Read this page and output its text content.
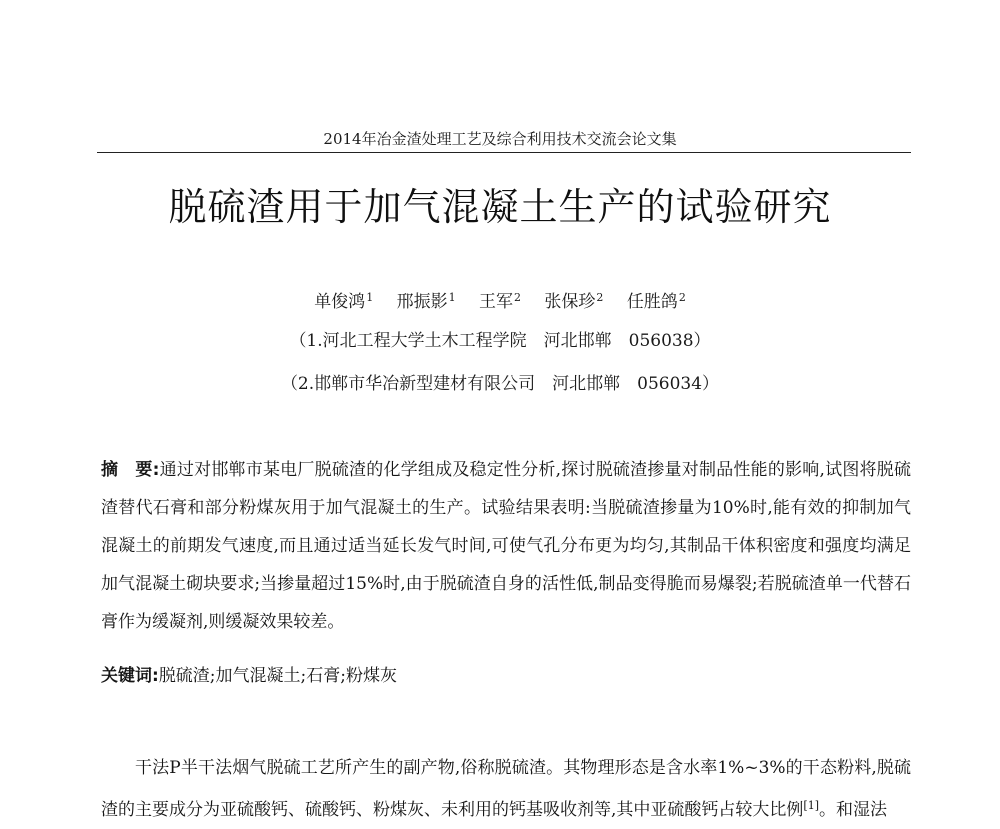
2014年冶金渣处理工艺及综合利用技术交流会论文集
脱硫渣用于加气混凝土生产的试验研究
单俊鸿$^1$ 邢振影$^1$ 王军$^2$ 张保珍$^2$ 任胜鸽$^2$
（1.河北工程大学土木工程学院　河北邯郸　056038）
（2.邯郸市华冶新型建材有限公司　河北邯郸　056034）

摘　要:通过对邯郸市某电厂脱硫渣的化学组成及稳定性分析,探讨脱硫渣掺量对制品性能的影响,试图将脱硫渣替代石膏和部分粉煤灰用于加气混凝土的生产。试验结果表明:当脱硫渣掺量为10%时,能有效的抑制加气混凝土的前期发气速度,而且通过适当延长发气时间,可使气孔分布更为均匀,其制品干体积密度和强度均满足加气混凝土砌块要求;当掺量超过15%时,由于脱硫渣自身的活性低,制品变得脆而易爆裂;若脱硫渣单一代替石膏作为缓凝剂,则缓凝效果较差。

关键词:脱硫渣;加气混凝土;石膏;粉煤灰

干法P半干法烟气脱硫工艺所产生的副产物,俗称脱硫渣。其物理形态是含水率1%~3%的干态粉料,脱硫渣的主要成分为亚硫酸钙、硫酸钙、粉煤灰、未利用的钙基吸收剂等,其中亚硫酸钙占较大比例[1]。和湿法
